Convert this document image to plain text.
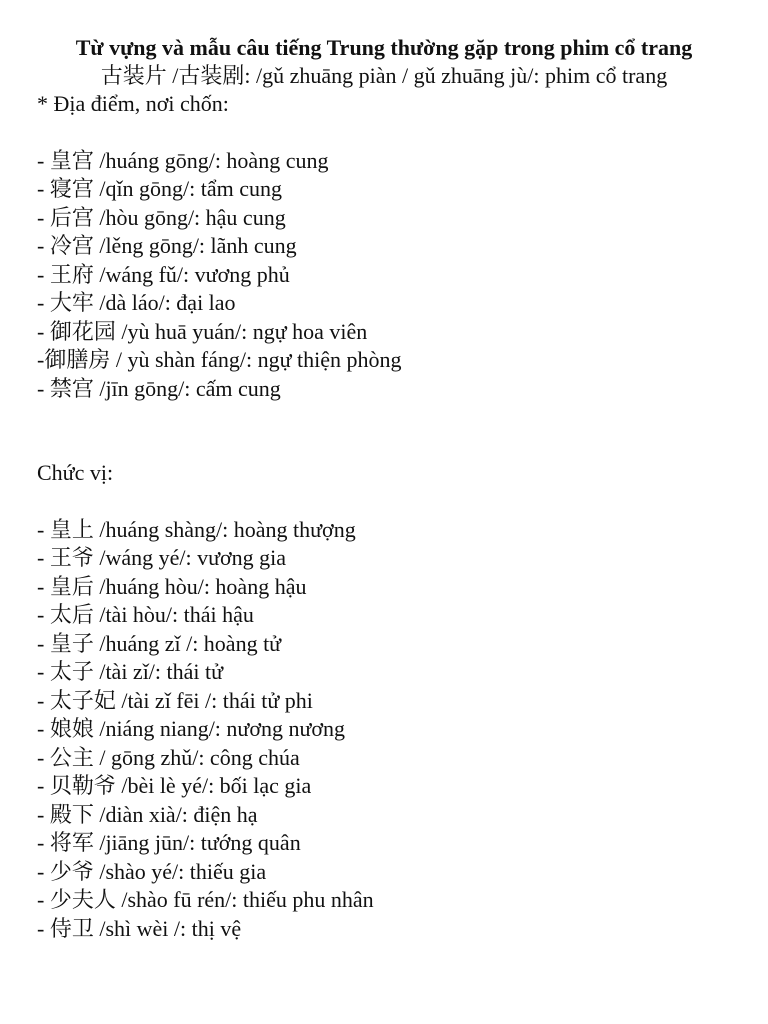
Từ vựng và mẫu câu tiếng Trung thường gặp trong phim cổ trang

古装片 /古装剧: /gǔ zhuāng piàn / gǔ zhuāng jù/: phim cổ trang

* Địa điểm, nơi chốn:

- 皇宫 /huáng gōng/: hoàng cung
- 寝宫 /qǐn gōng/: tẩm cung
- 后宫 /hòu gōng/: hậu cung
- 冷宫 /lěng gōng/: lãnh cung
- 王府 /wáng fǔ/: vương phủ
- 大牢 /dà láo/: đại lao
- 御花园 /yù huā yuán/: ngự hoa viên
-御膳房 / yù shàn fáng/: ngự thiện phòng
- 禁宫 /jīn gōng/: cấm cung

Chức vị:

- 皇上 /huáng shàng/: hoàng thượng
- 王爷 /wáng yé/: vương gia
- 皇后 /huáng hòu/: hoàng hậu
- 太后 /tài hòu/: thái hậu
- 皇子 /huáng zǐ /: hoàng tử
- 太子 /tài zǐ/: thái tử
- 太子妃 /tài zǐ fēi /: thái tử phi
- 娘娘 /niáng niang/: nương nương
- 公主 / gōng zhǔ/: công chúa
- 贝勒爷 /bèi lè yé/: bối lạc gia
- 殿下 /diàn xià/: điện hạ
- 将军 /jiāng jūn/: tướng quân
- 少爷 /shào yé/: thiếu gia
- 少夫人 /shào fū rén/: thiếu phu nhân
- 侍卫 /shì wèi /: thị vệ
